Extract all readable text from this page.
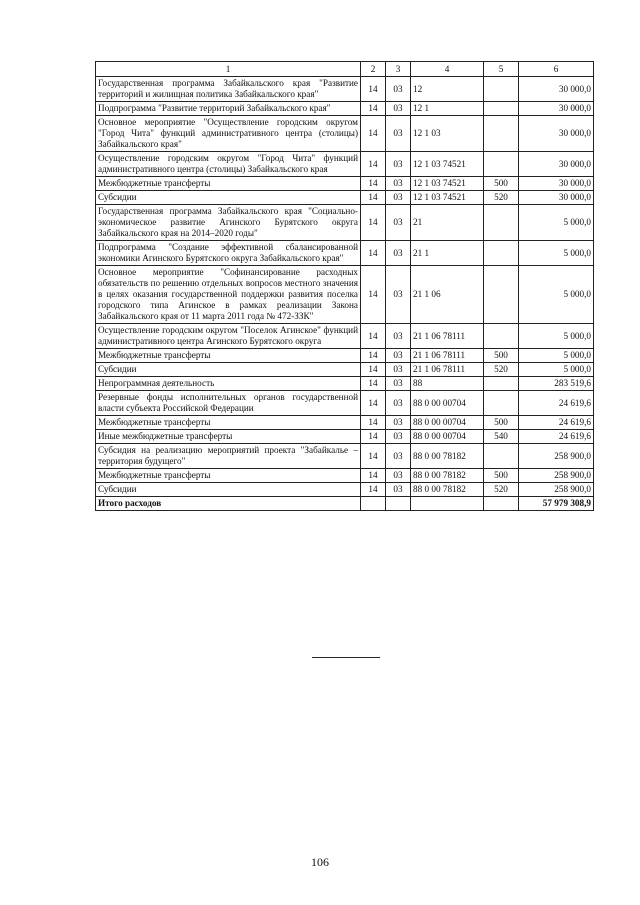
1	2	3	4	5	6
Государственная программа Забайкальского края "Развитие территорий и жилищная политика Забайкальского края"	14	03	12		30 000,0
Подпрограмма "Развитие территорий Забайкальского края"	14	03	12 1		30 000,0
Основное мероприятие "Осуществление городским округом "Город Чита" функций административного центра (столицы) Забайкальского края"	14	03	12 1 03		30 000,0
Осуществление городским округом "Город Чита" функций административного центра (столицы) Забайкальского края	14	03	12 1 03 74521		30 000,0
Межбюджетные трансферты	14	03	12 1 03 74521	500	30 000,0
Субсидии	14	03	12 1 03 74521	520	30 000,0
Государственная программа Забайкальского края "Социально-экономическое развитие Агинского Бурятского округа Забайкальского края на 2014–2020 годы"	14	03	21		5 000,0
Подпрограмма "Создание эффективной сбалансированной экономики Агинского Бурятского округа Забайкальского края"	14	03	21 1		5 000,0
Основное мероприятие "Софинансирование расходных обязательств по решению отдельных вопросов местного значения в целях оказания государственной поддержки развития поселка городского типа Агинское в рамках реализации Закона Забайкальского края от 11 марта 2011 года № 472-ЗЗК"	14	03	21 1 06		5 000,0
Осуществление городским округом "Поселок Агинское" функций административного центра Агинского Бурятского округа	14	03	21 1 06 78111		5 000,0
Межбюджетные трансферты	14	03	21 1 06 78111	500	5 000,0
Субсидии	14	03	21 1 06 78111	520	5 000,0
Непрограммная деятельность	14	03	88		283 519,6
Резервные фонды исполнительных органов государственной власти субъекта Российской Федерации	14	03	88 0 00 00704		24 619,6
Межбюджетные трансферты	14	03	88 0 00 00704	500	24 619,6
Иные межбюджетные трансферты	14	03	88 0 00 00704	540	24 619,6
Субсидия на реализацию мероприятий проекта "Забайкалье – территория будущего"	14	03	88 0 00 78182		258 900,0
Межбюджетные трансферты	14	03	88 0 00 78182	500	258 900,0
Субсидии	14	03	88 0 00 78182	520	258 900,0
Итого расходов					57 979 308,9
106
